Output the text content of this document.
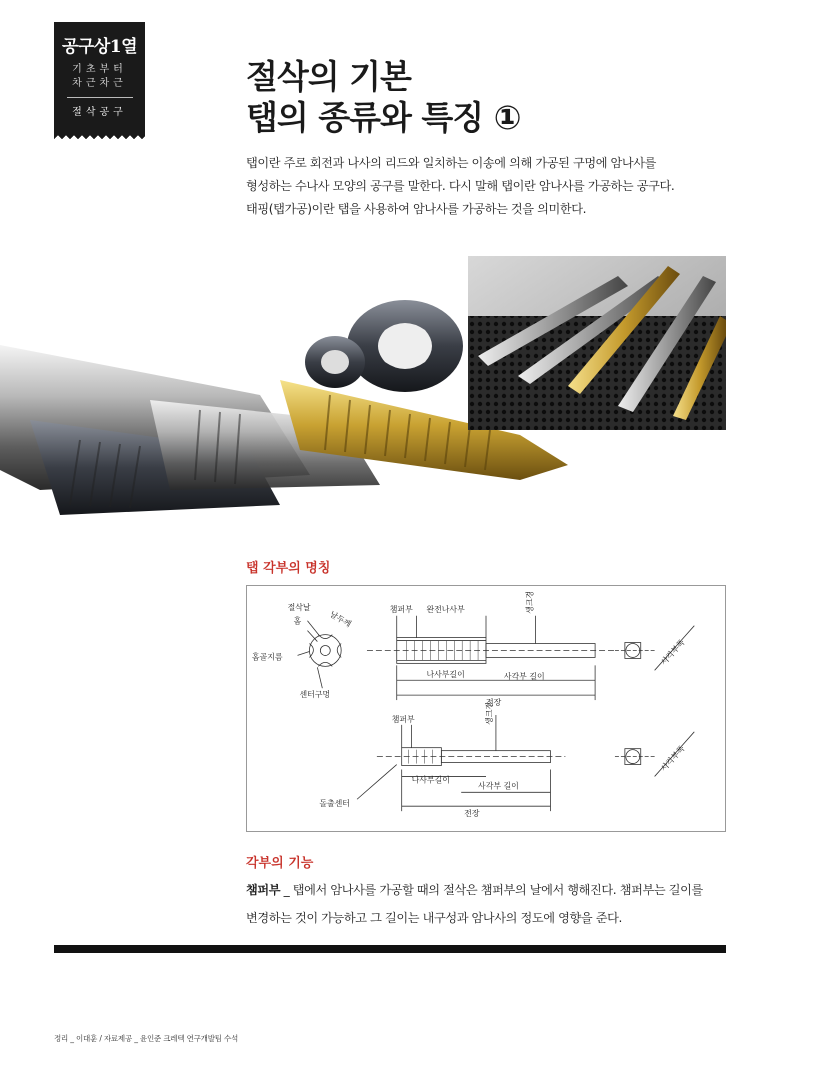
공구상1열
기초부터
차근차근
절삭공구
절삭의 기본
탭의 종류와 특징 ①
탭이란 주로 회전과 나사의 리드와 일치하는 이송에 의해 가공된 구멍에 암나사를
형성하는 수나사 모양의 공구를 말한다. 다시 말해 탭이란 암나사를 가공하는 공구다.
태핑(탭가공)이란 탭을 사용하여 암나사를 가공하는 것을 의미한다.
탭 각부의 명칭
절삭날
홈	날두께
홈골지름
센터구멍
챔퍼부 완전나사부	생크경
나사부길이	사각부 길이
전장
사각부폭
챔퍼부	생크경
나사부길이
사각부 길이
전장
사각부폭
돌출센터
각부의 기능
챔퍼부 _ 탭에서 암나사를 가공할 때의 절삭은 챔퍼부의 날에서 행해진다. 챔퍼부는 길이를
변경하는 것이 가능하고 그 길이는 내구성과 암나사의 정도에 영향을 준다.
정리 _ 이대훈 / 자료제공 _ 윤인준 크레텍 연구개발팀 수석
